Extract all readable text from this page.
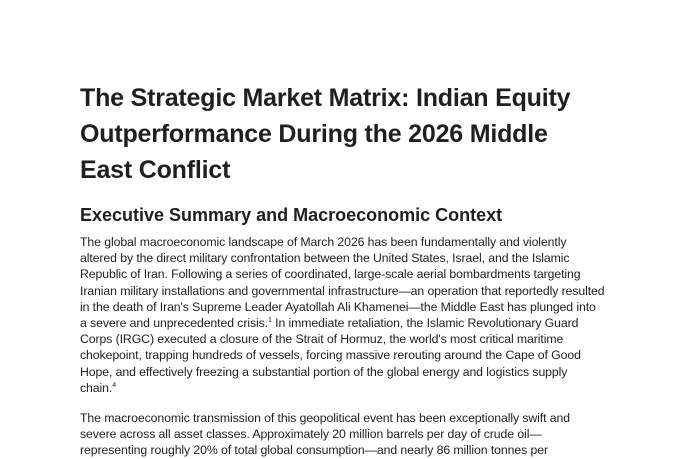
The Strategic Market Matrix: Indian Equity Outperformance During the 2026 Middle East Conflict
Executive Summary and Macroeconomic Context

The global macroeconomic landscape of March 2026 has been fundamentally and violently altered by the direct military confrontation between the United States, Israel, and the Islamic Republic of Iran. Following a series of coordinated, large-scale aerial bombardments targeting Iranian military installations and governmental infrastructure—an operation that reportedly resulted in the death of Iran's Supreme Leader Ayatollah Ali Khamenei—the Middle East has plunged into a severe and unprecedented crisis.$^1$ In immediate retaliation, the Islamic Revolutionary Guard Corps (IRGC) executed a closure of the Strait of Hormuz, the world's most critical maritime chokepoint, trapping hundreds of vessels, forcing massive rerouting around the Cape of Good Hope, and effectively freezing a substantial portion of the global energy and logistics supply chain.$^4$

The macroeconomic transmission of this geopolitical event has been exceptionally swift and severe across all asset classes. Approximately 20 million barrels per day of crude oil—representing roughly 20% of total global consumption—and nearly 86 million tonnes per
